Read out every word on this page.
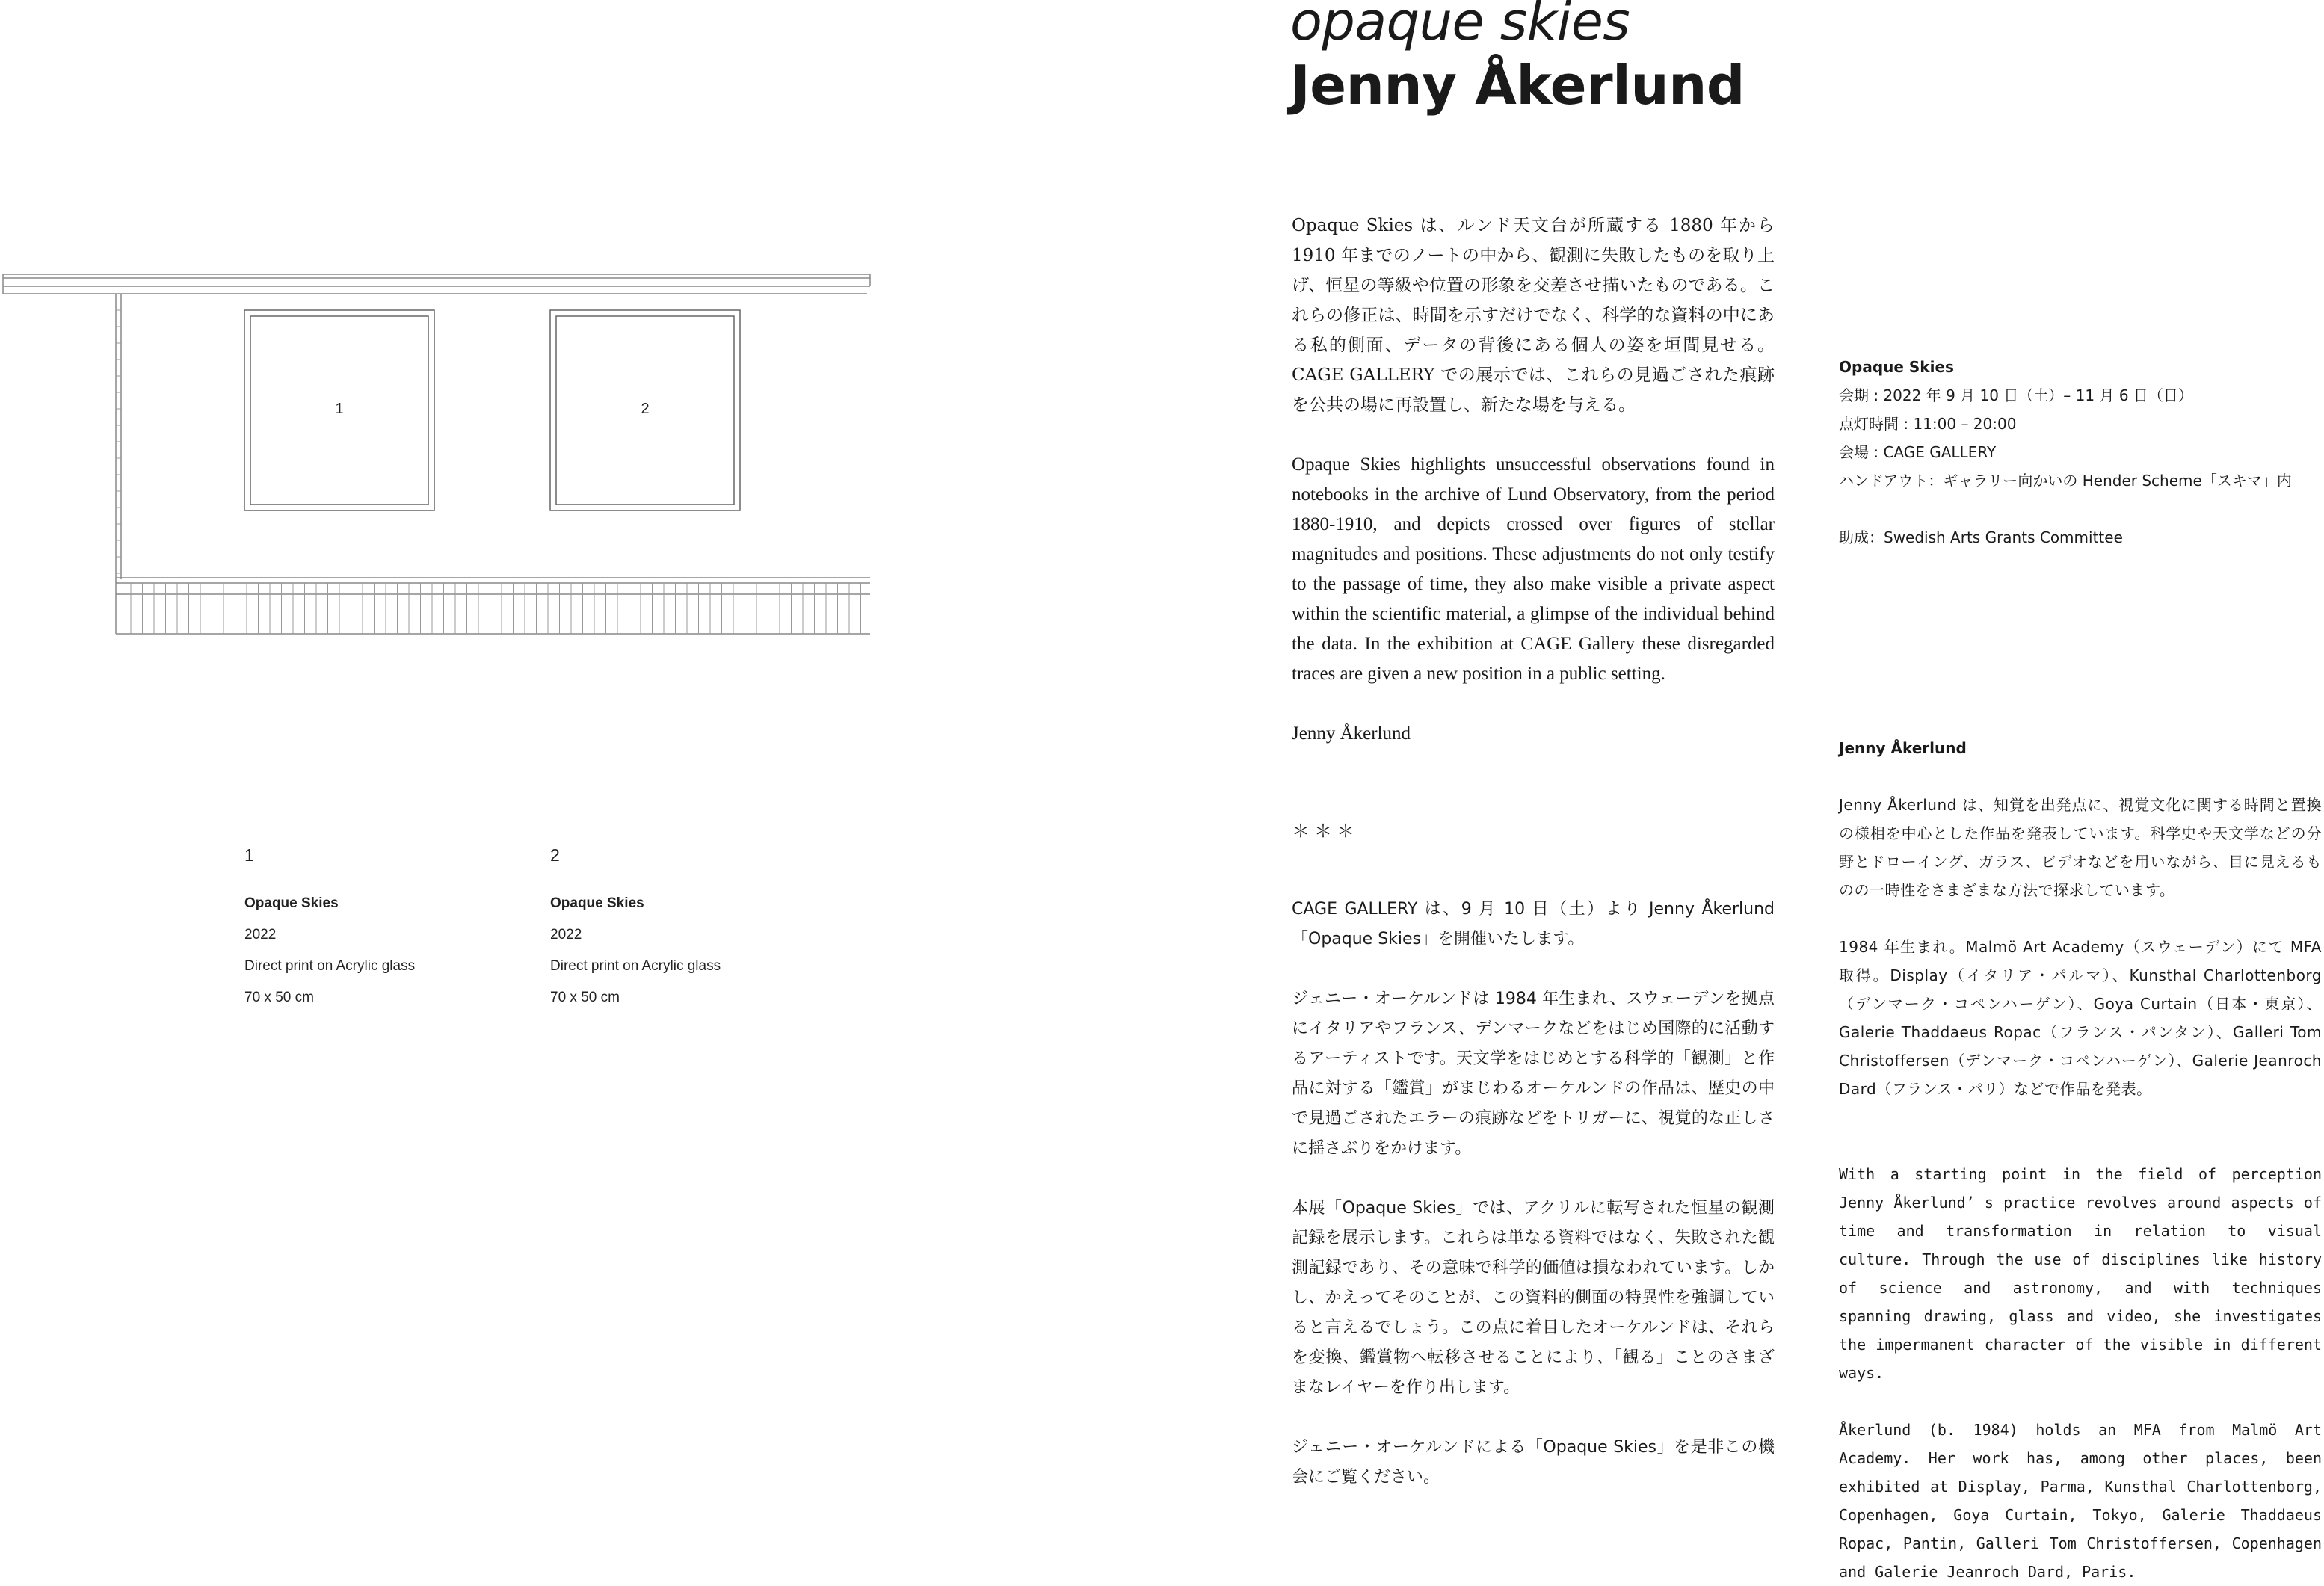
1	2
1
Opaque Skies
2022
Direct print on Acrylic glass
70 x 50 cm
2
Opaque Skies
2022
Direct print on Acrylic glass
70 x 50 cm
opaque skies
Jenny Åkerlund

Opaque Skies は、ルンド天文台が所蔵する 1880 年から 1910 年までのノートの中から、観測に失敗したものを取り上げ、恒星の等級や位置の形象を交差させ描いたものである。これらの修正は、時間を示すだけでなく、科学的な資料の中にある私的側面、データの背後にある個人の姿を垣間見せる。CAGE GALLERY での展示では、これらの見過ごされた痕跡を公共の場に再設置し、新たな場を与える。

Opaque Skies highlights unsuccessful observations found in notebooks in the archive of Lund Observatory, from the period 1880-1910, and depicts crossed over figures of stellar magnitudes and positions. These adjustments do not only testify to the passage of time, they also make visible a private aspect within the scientific material, a glimpse of the individual behind the data. In the exhibition at CAGE Gallery these disregarded traces are given a new position in a public setting.

Jenny Åkerlund

＊＊＊

CAGE GALLERY は、9 月 10 日（土）より Jenny Åkerlund「Opaque Skies」を開催いたします。

ジェニー・オーケルンドは 1984 年生まれ、スウェーデンを拠点にイタリアやフランス、デンマークなどをはじめ国際的に活動するアーティストです。天文学をはじめとする科学的「観測」と作品に対する「鑑賞」がまじわるオーケルンドの作品は、歴史の中で見過ごされたエラーの痕跡などをトリガーに、視覚的な正しさに揺さぶりをかけます。

本展「Opaque Skies」では、アクリルに転写された恒星の観測記録を展示します。これらは単なる資料ではなく、失敗された観測記録であり、その意味で科学的価値は損なわれています。しかし、かえってそのことが、この資料的側面の特異性を強調していると言えるでしょう。この点に着目したオーケルンドは、それらを変換、鑑賞物へ転移させることにより、「観る」ことのさまざまなレイヤーを作り出します。

ジェニー・オーケルンドによる「Opaque Skies」を是非この機会にご覧ください。

Opaque Skies

会期 : 2022 年 9 月 10 日（土）– 11 月 6 日（日）

点灯時間 : 11:00 – 20:00

会場 : CAGE GALLERY

ハンドアウト：ギャラリー向かいの Hender Scheme「スキマ」内

助成：Swedish Arts Grants Committee

Jenny Åkerlund

Jenny Åkerlund は、知覚を出発点に、視覚文化に関する時間と置換の様相を中心とした作品を発表しています。科学史や天文学などの分野とドローイング、ガラス、ビデオなどを用いながら、目に見えるものの一時性をさまざまな方法で探求しています。

1984 年生まれ。Malmö Art Academy（スウェーデン）にて MFA 取得。Display（イタリア・パルマ）、Kunsthal Charlottenborg（デンマーク・コペンハーゲン）、Goya Curtain（日本・東京）、Galerie Thaddaeus Ropac（フランス・パンタン）、Galleri Tom Christoffersen（デンマーク・コペンハーゲン）、Galerie Jeanroch Dard（フランス・パリ）などで作品を発表。

With a starting point in the field of perception Jenny Åkerlund’ s practice revolves around aspects of time and transformation in relation to visual culture. Through the use of disciplines like history of science and astronomy, and with techniques spanning drawing, glass and video, she investigates the impermanent character of the visible in different ways.

Åkerlund (b. 1984) holds an MFA from Malmö Art Academy. Her work has, among other places, been exhibited at Display, Parma, Kunsthal Charlottenborg, Copenhagen, Goya Curtain, Tokyo, Galerie Thaddaeus Ropac, Pantin, Galleri Tom Christoffersen, Copenhagen and Galerie Jeanroch Dard, Paris.
